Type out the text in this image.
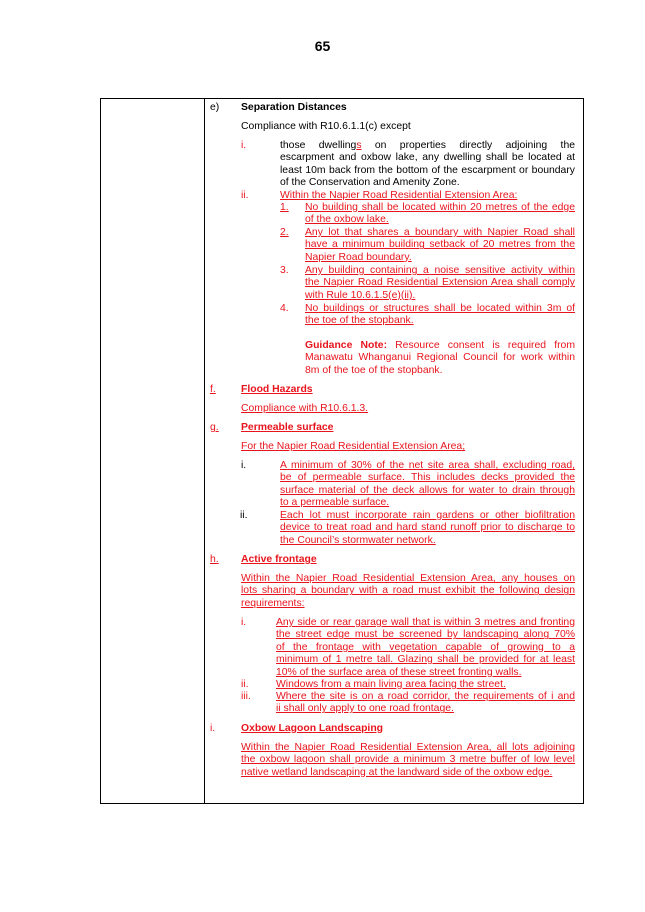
65
e) Separation Distances
Compliance with R10.6.1.1(c) except
i.	those dwellings on properties directly adjoining the
escarpment and oxbow lake, any dwelling shall be located at
least 10m back from the bottom of the escarpment or boundary
of the Conservation and Amenity Zone.
ii.	Within the Napier Road Residential Extension Area:
1. No building shall be located within 20 metres of the edge
of the oxbow lake.
2. Any lot that shares a boundary with Napier Road shall
have a minimum building setback of 20 metres from the
Napier Road boundary.
3. Any building containing a noise sensitive activity within
the Napier Road Residential Extension Area shall comply
with Rule 10.6.1.5(e)(ii).
4. No buildings or structures shall be located within 3m of
the toe of the stopbank.
Guidance Note: Resource consent is required from
Manawatu Whanganui Regional Council for work within
8m of the toe of the stopbank.
f. Flood Hazards
Compliance with R10.6.1.3.
g. Permeable surface
For the Napier Road Residential Extension Area;
i.	A minimum of 30% of the net site area shall, excluding road,
be of permeable surface. This includes decks provided the
surface material of the deck allows for water to drain through
to a permeable surface.
ii.	Each lot must incorporate rain gardens or other biofiltration
device to treat road and hard stand runoff prior to discharge to
the Council’s stormwater network.
h. Active frontage
Within the Napier Road Residential Extension Area, any houses on
lots sharing a boundary with a road must exhibit the following design
requirements:
i.	Any side or rear garage wall that is within 3 metres and fronting
the street edge must be screened by landscaping along 70%
of the frontage with vegetation capable of growing to a
minimum of 1 metre tall. Glazing shall be provided for at least
10% of the surface area of these street fronting walls.
ii.	Windows from a main living area facing the street.
iii. Where the site is on a road corridor, the requirements of i and
ii shall only apply to one road frontage.
i. Oxbow Lagoon Landscaping
Within the Napier Road Residential Extension Area, all lots adjoining
the oxbow lagoon shall provide a minimum 3 metre buffer of low level
native wetland landscaping at the landward side of the oxbow edge.
